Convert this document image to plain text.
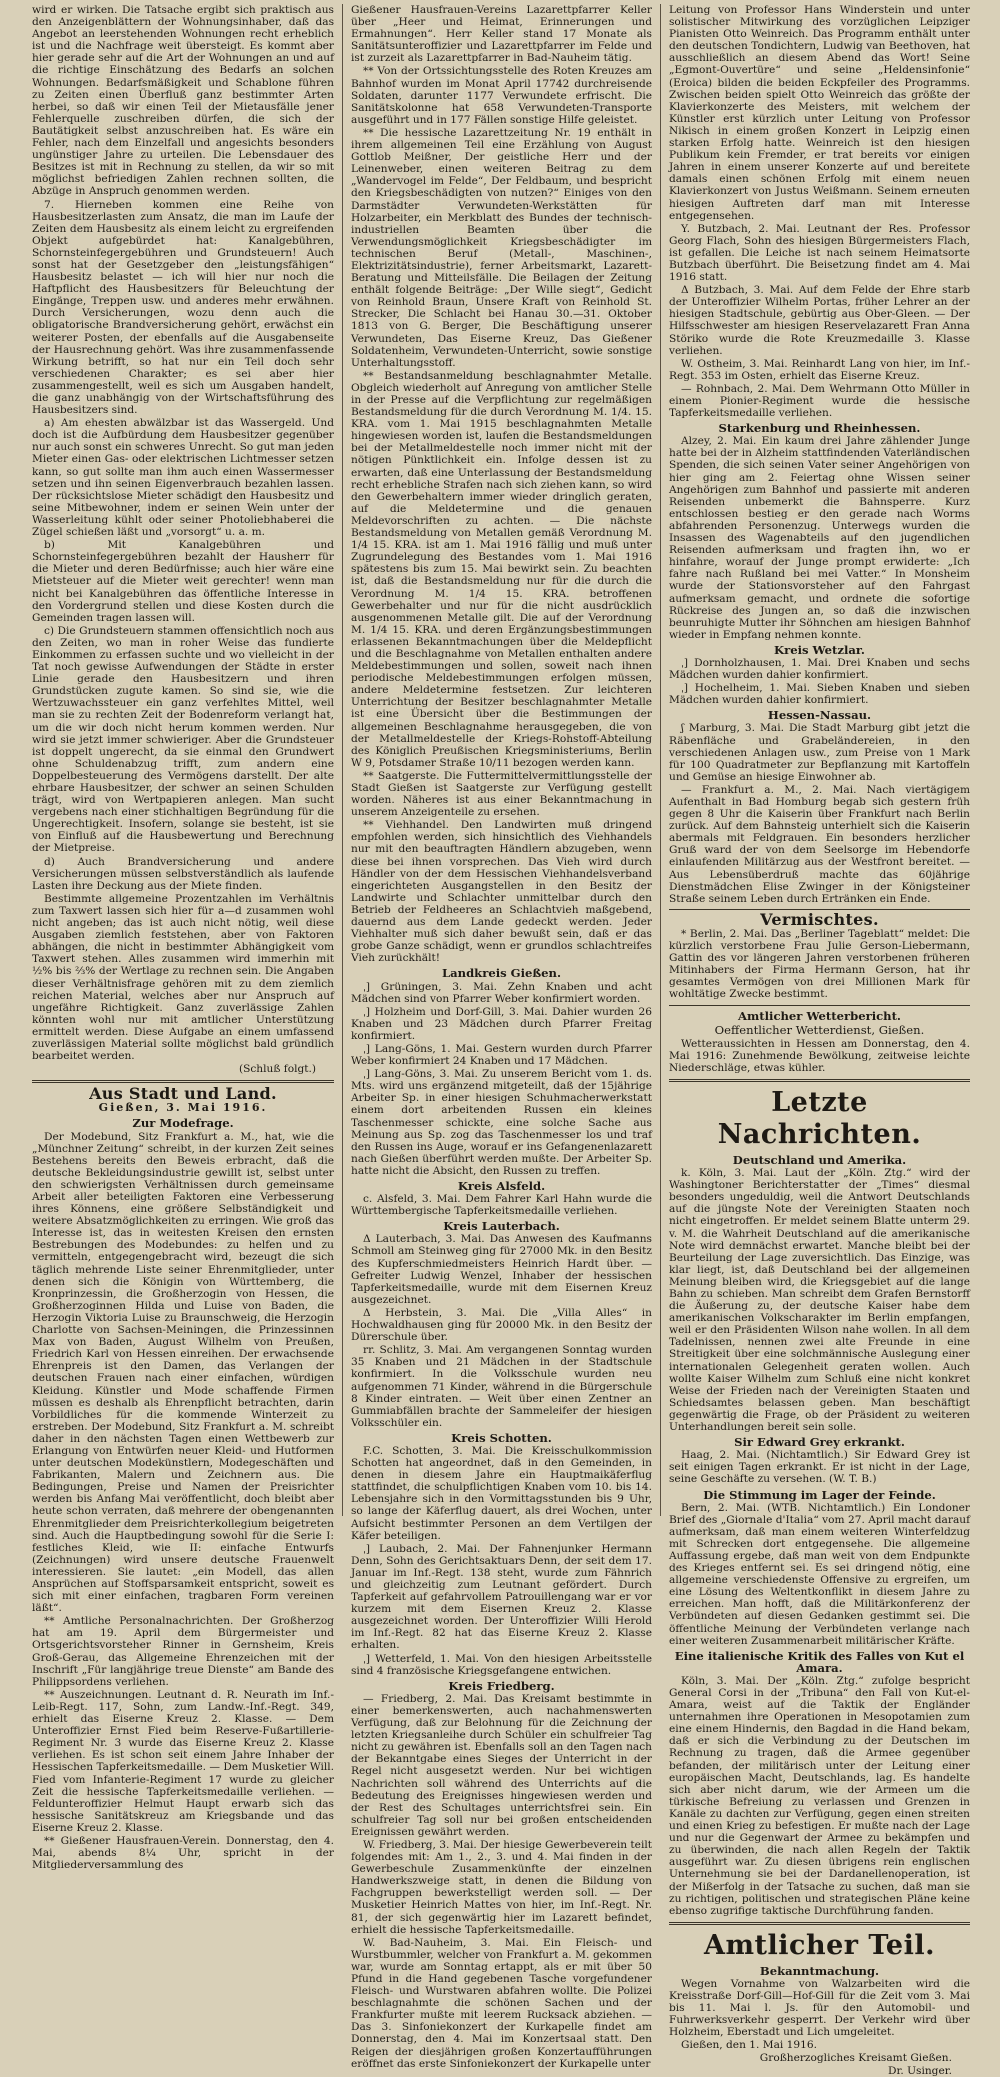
wird er wirken. Die Tatsache ergibt sich praktisch aus den Anzeigenblättern der Wohnungsinhaber, daß das Angebot an leerstehenden Wohnungen recht erheblich ist und die Nachfrage weit übersteigt. Es kommt aber hier gerade sehr auf die Art der Wohnungen an und auf die richtige Einschätzung des Bedarfs an solchen Wohnungen. Bedarfsmäßigkeit und Schablone führen zu Zeiten einen Überfluß ganz bestimmter Arten herbei, so daß wir einen Teil der Mietausfälle jener Fehlerquelle zuschreiben dürfen, die sich der Bautätigkeit selbst anzuschreiben hat. Es wäre ein Fehler, nach dem Einzelfall und angesichts besonders ungünstiger Jahre zu urteilen. Die Lebensdauer des Besitzes ist mit in Rechnung zu stellen, da wir so mit möglichst befriedigen Zahlen rechnen sollten, die Abzüge in Anspruch genommen werden.

7. Hierneben kommen eine Reihe von Hausbesitzerlasten zum Ansatz, die man im Laufe der Zeiten dem Hausbesitz als einem leicht zu ergreifenden Objekt aufgebürdet hat: Kanalgebühren, Schornsteinfegergebühren und Grundsteuern! Auch sonst hat der Gesetzgeber den „leistungsfähigen“ Hausbesitz belastet — ich will hier nur noch die Haftpflicht des Hausbesitzers für Beleuchtung der Eingänge, Treppen usw. und anderes mehr erwähnen. Durch Versicherungen, wozu denn auch die obligatorische Brandversicherung gehört, erwächst ein weiterer Posten, der ebenfalls auf die Ausgabenseite der Hausrechnung gehört. Was ihre zusammenfassende Wirkung betrifft, so hat nur ein Teil doch sehr verschiedenen Charakter; es sei aber hier zusammengestellt, weil es sich um Ausgaben handelt, die ganz unabhängig von der Wirtschaftsführung des Hausbesitzers sind.

a) Am ehesten abwälzbar ist das Wassergeld. Und doch ist die Aufbürdung dem Hausbesitzer gegenüber nur auch sonst ein schweres Unrecht. So gut man jeden Mieter einen Gas- oder elektrischen Lichtmesser setzen kann, so gut sollte man ihm auch einen Wassermesser setzen und ihn seinen Eigenverbrauch bezahlen lassen. Der rücksichtslose Mieter schädigt den Hausbesitz und seine Mitbewohner, indem er seinen Wein unter der Wasserleitung kühlt oder seiner Photoliebhaberei die Zügel schießen läßt und „vorsorgt“ u. a. m.

b) Mit Kanalgebühren und Schornsteinfegergebühren bezahlt der Hausherr für die Mieter und deren Bedürfnisse; auch hier wäre eine Mietsteuer auf die Mieter weit gerechter! wenn man nicht bei Kanalgebühren das öffentliche Interesse in den Vordergrund stellen und diese Kosten durch die Gemeinden tragen lassen will.

c) Die Grundsteuern stammen offensichtlich noch aus den Zeiten, wo man in roher Weise das fundierte Einkommen zu erfassen suchte und wo vielleicht in der Tat noch gewisse Aufwendungen der Städte in erster Linie gerade den Hausbesitzern und ihren Grundstücken zugute kamen. So sind sie, wie die Wertzuwachssteuer ein ganz verfehltes Mittel, weil man sie zu rechten Zeit der Bodenreform verlangt hat, um die wir doch nicht herum kommen werden. Nur wird sie jetzt immer schwieriger. Aber die Grundsteuer ist doppelt ungerecht, da sie einmal den Grundwert ohne Schuldenabzug trifft, zum andern eine Doppelbesteuerung des Vermögens darstellt. Der alte ehrbare Hausbesitzer, der schwer an seinen Schulden trägt, wird von Wertpapieren anlegen. Man sucht vergebens nach einer stichhaltigen Begründung für die Ungerechtigkeit. Insofern, solange sie besteht, ist sie von Einfluß auf die Hausbewertung und Berechnung der Mietpreise.

d) Auch Brandversicherung und andere Versicherungen müssen selbstverständlich als laufende Lasten ihre Deckung aus der Miete finden.

Bestimmte allgemeine Prozentzahlen im Verhältnis zum Taxwert lassen sich hier für a—d zusammen wohl nicht angeben; das ist auch nicht nötig, weil diese Ausgaben ziemlich feststehen, aber von Faktoren abhängen, die nicht in bestimmter Abhängigkeit vom Taxwert stehen. Alles zusammen wird immerhin mit ½% bis ⅔% der Wertlage zu rechnen sein. Die Angaben dieser Verhältnisfrage gehören mit zu dem ziemlich reichen Material, welches aber nur Anspruch auf ungefähre Richtigkeit. Ganz zuverlässige Zahlen könnten wohl nur mit amtlicher Unterstützung ermittelt werden. Diese Aufgabe an einem umfassend zuverlässigen Material sollte möglichst bald gründlich bearbeitet werden.

(Schluß folgt.)
Aus Stadt und Land.
Gießen, 3. Mai 1916.
Zur Modefrage.

Der Modebund, Sitz Frankfurt a. M., hat, wie die „Münchner Zeitung“ schreibt, in der kurzen Zeit seines Bestehens bereits den Beweis erbracht, daß die deutsche Bekleidungsindustrie gewillt ist, selbst unter den schwierigsten Verhältnissen durch gemeinsame Arbeit aller beteiligten Faktoren eine Verbesserung ihres Könnens, eine größere Selbständigkeit und weitere Absatzmöglichkeiten zu erringen. Wie groß das Interesse ist, das in weitesten Kreisen den ernsten Bestrebungen des Modebundes: zu helfen und zu vermitteln, entgegengebracht wird, bezeugt die sich täglich mehrende Liste seiner Ehrenmitglieder, unter denen sich die Königin von Württemberg, die Kronprinzessin, die Großherzogin von Hessen, die Großherzoginnen Hilda und Luise von Baden, die Herzogin Viktoria Luise zu Braunschweig, die Herzogin Charlotte von Sachsen-Meiningen, die Prinzessinnen Max von Baden, August Wilhelm von Preußen, Friedrich Karl von Hessen einreihen. Der erwachsende Ehrenpreis ist den Damen, das Verlangen der deutschen Frauen nach einer einfachen, würdigen Kleidung. Künstler und Mode schaffende Firmen müssen es deshalb als Ehrenpflicht betrachten, darin Vorbildliches für die kommende Winterzeit zu erstreben. Der Modebund, Sitz Frankfurt a. M. schreibt daher in den nächsten Tagen einen Wettbewerb zur Erlangung von Entwürfen neuer Kleid- und Hutformen unter deutschen Modekünstlern, Modegeschäften und Fabrikanten, Malern und Zeichnern aus. Die Bedingungen, Preise und Namen der Preisrichter werden bis Anfang Mai veröffentlicht, doch bleibt aber heute schon verraten, daß mehrere der obengenannten Ehrenmitglieder dem Preisrichterkollegium beigetreten sind. Auch die Hauptbedingung sowohl für die Serie I: festliches Kleid, wie II: einfache Entwurfs (Zeichnungen) wird unsere deutsche Frauenwelt interessieren. Sie lautet: „ein Modell, das allen Ansprüchen auf Stoffsparsamkeit entspricht, soweit es sich mit einer einfachen, tragbaren Form vereinen läßt“.

** Amtliche Personalnachrichten. Der Großherzog hat am 19. April dem Bürgermeister und Ortsgerichtsvorsteher Rinner in Gernsheim, Kreis Groß-Gerau, das Allgemeine Ehrenzeichen mit der Inschrift „Für langjährige treue Dienste“ am Bande des Philippsordens verliehen.

** Auszeichnungen. Leutnant d. R. Neurath im Inf.-Leib-Regt. 117, Sohn, zum Landw.-Inf.-Regt. 349, erhielt das Eiserne Kreuz 2. Klasse. — Dem Unteroffizier Ernst Fied beim Reserve-Fußartillerie-Regiment Nr. 3 wurde das Eiserne Kreuz 2. Klasse verliehen. Es ist schon seit einem Jahre Inhaber der Hessischen Tapferkeitsmedaille. — Dem Musketier Will. Fied vom Infanterie-Regiment 17 wurde zu gleicher Zeit die hessische Tapferkeitsmedaille verliehen. — Feldunteroffizier Helmut Haupt erwarb sich das hessische Sanitätskreuz am Kriegsbande und das Eiserne Kreuz 2. Klasse.

** Gießener Hausfrauen-Verein. Donnerstag, den 4. Mai, abends 8¼ Uhr, spricht in der Mitgliederversammlung des

Gießener Hausfrauen-Vereins Lazarettpfarrer Keller über „Heer und Heimat, Erinnerungen und Ermahnungen“. Herr Keller stand 17 Monate als Sanitätsunteroffizier und Lazarettpfarrer im Felde und ist zurzeit als Lazarettpfarrer in Bad-Nauheim tätig.

** Von der Ortssichtungsstelle des Roten Kreuzes am Bahnhof wurden im Monat April 17742 durchreisende Soldaten, darunter 1177 Verwundete erfrischt. Die Sanitätskolonne hat 658 Verwundeten-Transporte ausgeführt und in 177 Fällen sonstige Hilfe geleistet.

** Die hessische Lazarettzeitung Nr. 19 enthält in ihrem allgemeinen Teil eine Erzählung von August Gottlob Meißner, Der geistliche Herr und der Leinenweber, einen weiteren Beitrag zu dem „Wandervogel im Felde“, Der Feldbaum, und bespricht den Kriegsbeschädigten von nutzen?“ Einiges von den Darmstädter Verwundeten-Werkstätten für Holzarbeiter, ein Merkblatt des Bundes der technisch-industriellen Beamten über die Verwendungsmöglichkeit Kriegsbeschädigter im technischen Beruf (Metall-, Maschinen-, Elektrizitätsindustrie), ferner Arbeitsmarkt, Lazarett-Beratung und Mitteilsfälle. Die Beilagen der Zeitung enthält folgende Beiträge: „Der Wille siegt“, Gedicht von Reinhold Braun, Unsere Kraft von Reinhold St. Strecker, Die Schlacht bei Hanau 30.—31. Oktober 1813 von G. Berger, Die Beschäftigung unserer Verwundeten, Das Eiserne Kreuz, Das Gießener Soldatenheim, Verwundeten-Unterricht, sowie sonstige Unterhaltungsstoff.

** Bestandsanmeldung beschlagnahmter Metalle. Obgleich wiederholt auf Anregung von amtlicher Stelle in der Presse auf die Verpflichtung zur regelmäßigen Bestandsmeldung für die durch Verordnung M. 1/4. 15. KRA. vom 1. Mai 1915 beschlagnahmten Metalle hingewiesen worden ist, laufen die Bestandsmeldungen bei der Metallmeldestelle noch immer nicht mit der nötigen Pünktlichkeit ein. Infolge dessen ist zu erwarten, daß eine Unterlassung der Bestandsmeldung recht erhebliche Strafen nach sich ziehen kann, so wird den Gewerbehaltern immer wieder dringlich geraten, auf die Meldetermine und die genauen Meldevorschriften zu achten. — Die nächste Bestandsmeldung von Metallen gemäß Verordnung M. 1/4 15. KRA. ist am 1. Mai 1916 fällig und muß unter Zugrundelegung des Bestandes vom 1. Mai 1916 spätestens bis zum 15. Mai bewirkt sein. Zu beachten ist, daß die Bestandsmeldung nur für die durch die Verordnung M. 1/4 15. KRA. betroffenen Gewerbehalter und nur für die nicht ausdrücklich ausgenommenen Metalle gilt. Die auf der Verordnung M. 1/4 15. KRA. und deren Ergänzungsbestimmungen erlassenen Bekanntmachungen über die Meldepflicht und die Beschlagnahme von Metallen enthalten andere Meldebestimmungen und sollen, soweit nach ihnen periodische Meldebestimmungen erfolgen müssen, andere Meldetermine festsetzen. Zur leichteren Unterrichtung der Besitzer beschlagnahmter Metalle ist eine Übersicht über die Bestimmungen der allgemeinen Beschlagnahme herausgegeben, die von der Metallmeldestelle der Kriegs-Rohstoff-Abteilung des Königlich Preußischen Kriegsministeriums, Berlin W 9, Potsdamer Straße 10/11 bezogen werden kann.

** Saatgerste. Die Futtermittelvermittlungsstelle der Stadt Gießen ist Saatgerste zur Verfügung gestellt worden. Näheres ist aus einer Bekanntmachung in unserem Anzeigenteile zu ersehen.

** Viehhandel. Den Landwirten muß dringend empfohlen werden, sich hinsichtlich des Viehhandels nur mit den beauftragten Händlern abzugeben, wenn diese bei ihnen vorsprechen. Das Vieh wird durch Händler von der dem Hessischen Viehhandelsverband eingerichteten Ausgangstellen in den Besitz der Landwirte und Schlachter unmittelbar durch den Betrieb der Feldheeres an Schlachtvieh maßgebend, dauernd aus dem Lande gedeckt werden. Jeder Viehhalter muß sich daher bewußt sein, daß er das grobe Ganze schädigt, wenn er grundlos schlachtreifes Vieh zurückhält!

Landkreis Gießen.

ˌ] Grüningen, 3. Mai. Zehn Knaben und acht Mädchen sind von Pfarrer Weber konfirmiert worden.

ˌ] Holzheim und Dorf-Gill, 3. Mai. Dahier wurden 26 Knaben und 23 Mädchen durch Pfarrer Freitag konfirmiert.

ˌ] Lang-Göns, 1. Mai. Gestern wurden durch Pfarrer Weber konfirmiert 24 Knaben und 17 Mädchen.

ˌ] Lang-Göns, 3. Mai. Zu unserem Bericht vom 1. ds. Mts. wird uns ergänzend mitgeteilt, daß der 15jährige Arbeiter Sp. in einer hiesigen Schuhmacherwerkstatt einem dort arbeitenden Russen ein kleines Taschenmesser schickte, eine solche Sache aus Meinung aus Sp. zog das Taschenmesser los und traf den Russen ins Auge, worauf er ins Gefangenenlazarett nach Gießen überführt werden mußte. Der Arbeiter Sp. hatte nicht die Absicht, den Russen zu treffen.

Kreis Alsfeld.

c. Alsfeld, 3. Mai. Dem Fahrer Karl Hahn wurde die Württembergische Tapferkeitsmedaille verliehen.

Kreis Lauterbach.

Δ Lauterbach, 3. Mai. Das Anwesen des Kaufmanns Schmoll am Steinweg ging für 27000 Mk. in den Besitz des Kupferschmiedmeisters Heinrich Hardt über. — Gefreiter Ludwig Wenzel, Inhaber der hessischen Tapferkeitsmedaille, wurde mit dem Eisernen Kreuz ausgezeichnet.

Δ Herbstein, 3. Mai. Die „Villa Alles“ in Hochwaldhausen ging für 20000 Mk. in den Besitz der Dürerschule über.

rr. Schlitz, 3. Mai. Am vergangenen Sonntag wurden 35 Knaben und 21 Mädchen in der Stadtschule konfirmiert. In die Volksschule wurden neu aufgenommen 71 Kinder, während in die Bürgerschule 8 Kinder eintraten. — Weit über einen Zentner an Gummiabfällen brachte der Sammeleifer der hiesigen Volksschüler ein.

Kreis Schotten.

F.C. Schotten, 3. Mai. Die Kreisschulkommission Schotten hat angeordnet, daß in den Gemeinden, in denen in diesem Jahre ein Hauptmaikäferflug stattfindet, die schulpflichtigen Knaben vom 10. bis 14. Lebensjahre sich in den Vormittagsstunden bis 9 Uhr, so lange der Käferflug dauert, als drei Wochen, unter Aufsicht bestimmter Personen an dem Vertilgen der Käfer beteiligen.

ˌ] Laubach, 2. Mai. Der Fahnenjunker Hermann Denn, Sohn des Gerichtsaktuars Denn, der seit dem 17. Januar im Inf.-Regt. 138 steht, wurde zum Fähnrich und gleichzeitig zum Leutnant gefördert. Durch Tapferkeit auf gefahrvollem Patrouillengang war er vor kurzem mit dem Eisernen Kreuz 2. Klasse ausgezeichnet worden. Der Unteroffizier Willi Herold im Inf.-Regt. 82 hat das Eiserne Kreuz 2. Klasse erhalten.

ˌ] Wetterfeld, 1. Mai. Von den hiesigen Arbeitsstelle sind 4 französische Kriegsgefangene entwichen.

Kreis Friedberg.

— Friedberg, 2. Mai. Das Kreisamt bestimmte in einer bemerkenswerten, auch nachahmenswerten Verfügung, daß zur Belohnung für die Zeichnung der letzten Kriegsanleihe durch Schüler ein schulfreier Tag nicht zu gewähren ist. Ebenfalls soll an den Tagen nach der Bekanntgabe eines Sieges der Unterricht in der Regel nicht ausgesetzt werden. Nur bei wichtigen Nachrichten soll während des Unterrichts auf die Bedeutung des Ereignisses hingewiesen werden und der Rest des Schultages unterrichtsfrei sein. Ein schulfreier Tag soll nur bei großen entscheidenden Ereignissen gewährt werden.

W. Friedberg, 3. Mai. Der hiesige Gewerbeverein teilt folgendes mit: Am 1., 2., 3. und 4. Mai finden in der Gewerbeschule Zusammenkünfte der einzelnen Handwerkszweige statt, in denen die Bildung von Fachgruppen bewerkstelligt werden soll. — Der Musketier Heinrich Mattes von hier, im Inf.-Regt. Nr. 81, der sich gegenwärtig hier im Lazarett befindet, erhielt die hessische Tapferkeitsmedaille.

W. Bad-Nauheim, 3. Mai. Ein Fleisch- und Wurstbummler, welcher von Frankfurt a. M. gekommen war, wurde am Sonntag ertappt, als er mit über 50 Pfund in die Hand gegebenen Tasche vorgefundener Fleisch- und Wurstwaren abfahren wollte. Die Polizei beschlagnahmte die schönen Sachen und der Frankfurter mußte mit leerem Rucksack abziehen. — Das 3. Sinfoniekonzert der Kurkapelle findet am Donnerstag, den 4. Mai im Konzertsaal statt. Den Reigen der diesjährigen großen Konzertaufführungen eröffnet das erste Sinfoniekonzert der Kurkapelle unter

Leitung von Professor Hans Winderstein und unter solistischer Mitwirkung des vorzüglichen Leipziger Pianisten Otto Weinreich. Das Programm enthält unter den deutschen Tondichtern, Ludwig van Beethoven, hat ausschließlich an diesem Abend das Wort! Seine „Egmont-Ouvertüre“ und seine „Heldensinfonie“ (Eroica) bilden die beiden Eckpfeiler des Programms. Zwischen beiden spielt Otto Weinreich das größte der Klavierkonzerte des Meisters, mit welchem der Künstler erst kürzlich unter Leitung von Professor Nikisch in einem großen Konzert in Leipzig einen starken Erfolg hatte. Weinreich ist den hiesigen Publikum kein Fremder, er trat bereits vor einigen Jahren in einem unserer Konzerte auf und bereitete damals einen schönen Erfolg mit einem neuen Klavierkonzert von Justus Weißmann. Seinem erneuten hiesigen Auftreten darf man mit Interesse entgegensehen.

Y. Butzbach, 2. Mai. Leutnant der Res. Professor Georg Flach, Sohn des hiesigen Bürgermeisters Flach, ist gefallen. Die Leiche ist nach seinem Heimatsorte Butzbach überführt. Die Beisetzung findet am 4. Mai 1916 statt.

Δ Butzbach, 3. Mai. Auf dem Felde der Ehre starb der Unteroffizier Wilhelm Portas, früher Lehrer an der hiesigen Stadtschule, gebürtig aus Ober-Gleen. — Der Hilfsschwester am hiesigen Reservelazarett Fran Anna Störiko wurde die Rote Kreuzmedaille 3. Klasse verliehen.

W. Ostheim, 3. Mai. Reinhardt Lang von hier, im Inf.-Regt. 353 im Osten, erhielt das Eiserne Kreuz.

— Rohnbach, 2. Mai. Dem Wehrmann Otto Müller in einem Pionier-Regiment wurde die hessische Tapferkeitsmedaille verliehen.

Starkenburg und Rheinhessen.

Alzey, 2. Mai. Ein kaum drei Jahre zählender Junge hatte bei der in Alzheim stattfindenden Vaterländischen Spenden, die sich seinen Vater seiner Angehörigen von hier ging am 2. Feiertag ohne Wissen seiner Angehörigen zum Bahnhof und passierte mit anderen Reisenden unbemerkt die Bahnsperre. Kurz entschlossen bestieg er den gerade nach Worms abfahrenden Personenzug. Unterwegs wurden die Insassen des Wagenabteils auf den jugendlichen Reisenden aufmerksam und fragten ihn, wo er hinfahre, worauf der Junge prompt erwiderte: „Ich fahre nach Rußland bei mei Vatter.“ In Monsheim wurde der Stationsvorsteher auf den Fahrgast aufmerksam gemacht, und ordnete die sofortige Rückreise des Jungen an, so daß die inzwischen beunruhigte Mutter ihr Söhnchen am hiesigen Bahnhof wieder in Empfang nehmen konnte.

Kreis Wetzlar.

ˌ] Dornholzhausen, 1. Mai. Drei Knaben und sechs Mädchen wurden dahier konfirmiert.

ˌ] Hochelheim, 1. Mai. Sieben Knaben und sieben Mädchen wurden dahier konfirmiert.

Hessen-Nassau.

ʃ Marburg, 3. Mai. Die Stadt Marburg gibt jetzt die Räbenfläche und Grabeländereien, in den verschiedenen Anlagen usw., zum Preise von 1 Mark für 100 Quadratmeter zur Bepflanzung mit Kartoffeln und Gemüse an hiesige Einwohner ab.

— Frankfurt a. M., 2. Mai. Nach viertägigem Aufenthalt in Bad Homburg begab sich gestern früh gegen 8 Uhr die Kaiserin über Frankfurt nach Berlin zurück. Auf dem Bahnsteig unterhielt sich die Kaiserin abermals mit Feldgrauen. Ein besonders herzlicher Gruß ward der von dem Seelsorge im Hebendorfe einlaufenden Militärzug aus der Westfront bereitet. — Aus Lebensüberdruß machte das 60jährige Dienstmädchen Elise Zwinger in der Königsteiner Straße seinem Leben durch Ertränken ein Ende.

Vermischtes.

* Berlin, 2. Mai. Das „Berliner Tageblatt“ meldet: Die kürzlich verstorbene Frau Julie Gerson-Liebermann, Gattin des vor längeren Jahren verstorbenen früheren Mitinhabers der Firma Hermann Gerson, hat ihr gesamtes Vermögen von drei Millionen Mark für wohltätige Zwecke bestimmt.

Amtlicher Wetterbericht.
Oeffentlicher Wetterdienst, Gießen.

Wetteraussichten in Hessen am Donnerstag, den 4. Mai 1916: Zunehmende Bewölkung, zeitweise leichte Niederschläge, etwas kühler.

Letzte Nachrichten.
Deutschland und Amerika.

k. Köln, 3. Mai. Laut der „Köln. Ztg.“ wird der Washingtoner Berichterstatter der „Times“ diesmal besonders ungeduldig, weil die Antwort Deutschlands auf die jüngste Note der Vereinigten Staaten noch nicht eingetroffen. Er meldet seinem Blatte unterm 29. v. M. die Wahrheit Deutschland auf die amerikanische Note wird demnächst erwartet. Manche bleibt bei der Beurteilung der Lage zuversichtlich. Das Einzige, was klar liegt, ist, daß Deutschland bei der allgemeinen Meinung bleiben wird, die Kriegsgebiet auf die lange Bahn zu schieben. Man schreibt dem Grafen Bernstorff die Äußerung zu, der deutsche Kaiser habe dem amerikanischen Volkscharakter im Berlin empfangen, weil er den Präsidenten Wilson nahe wollen. In all dem Tadelnissen, nennen zwei alte Freunde in eine Streitigkeit über eine solchmännische Auslegung einer internationalen Gelegenheit geraten wollen. Auch wollte Kaiser Wilhelm zum Schluß eine nicht konkret Weise der Frieden nach der Vereinigten Staaten und Schiedsamtes belassen geben. Man beschäftigt gegenwärtig die Frage, ob der Präsident zu weiteren Unterhandlungen bereit sein solle.

Sir Edward Grey erkrankt.

Haag, 2. Mai. (Nichtamtlich.) Sir Edward Grey ist seit einigen Tagen erkrankt. Er ist nicht in der Lage, seine Geschäfte zu versehen. (W. T. B.)

Die Stimmung im Lager der Feinde.

Bern, 2. Mai. (WTB. Nichtamtlich.) Ein Londoner Brief des „Giornale d'Italia“ vom 27. April macht darauf aufmerksam, daß man einem weiteren Winterfeldzug mit Schrecken dort entgegensehe. Die allgemeine Auffassung ergebe, daß man weit von dem Endpunkte des Krieges entfernt sei. Es sei dringend nötig, eine allgemeine verschiedenste Offensive zu ergreifen, um eine Lösung des Weltentkonflikt in diesem Jahre zu erreichen. Man hofft, daß die Militärkonferenz der Verbündeten auf diesen Gedanken gestimmt sei. Die öffentliche Meinung der Verbündeten verlange nach einer weiteren Zusammenarbeit militärischer Kräfte.

Eine italienische Kritik des Falles von Kut el Amara.

Köln, 3. Mai. Der „Köln. Ztg.“ zufolge bespricht General Corsi in der „Tribuna“ den Fall von Kut-el-Amara, weist auf die Taktik der Engländer unternahmen ihre Operationen in Mesopotamien zum eine einem Hindernis, den Bagdad in die Hand bekam, daß er sich die Verbindung zu der Deutschen im Rechnung zu tragen, daß die Armee gegenüber befanden, der militärisch unter der Leitung einer europäischen Macht, Deutschlands, lag. Es handelte sich aber nicht darum, wie der Armeen um die türkische Befreiung zu verlassen und Grenzen in Kanäle zu dachten zur Verfügung, gegen einen streiten und einen Krieg zu befestigen. Er mußte nach der Lage und nur die Gegenwart der Armee zu bekämpfen und zu überwinden, die nach allen Regeln der Taktik ausgeführt war. Zu diesen übrigens rein englischen Unternehmung sie bei der Dardanellenoperation, ist der Mißerfolg in der Tatsache zu suchen, daß man sie zu richtigen, politischen und strategischen Pläne keine ebenso zugrifige taktische Durchführung fanden.

Amtlicher Teil.
Bekanntmachung.

Wegen Vornahme von Walzarbeiten wird die Kreisstraße Dorf-Gill—Hof-Gill für die Zeit vom 3. Mai bis 11. Mai l. Js. für den Automobil- und Fuhrwerksverkehr gesperrt. Der Verkehr wird über Holzheim, Eberstadt und Lich umgeleitet.

Gießen, den 1. Mai 1916.

Großherzogliches Kreisamt Gießen.
Dr. Usinger.
